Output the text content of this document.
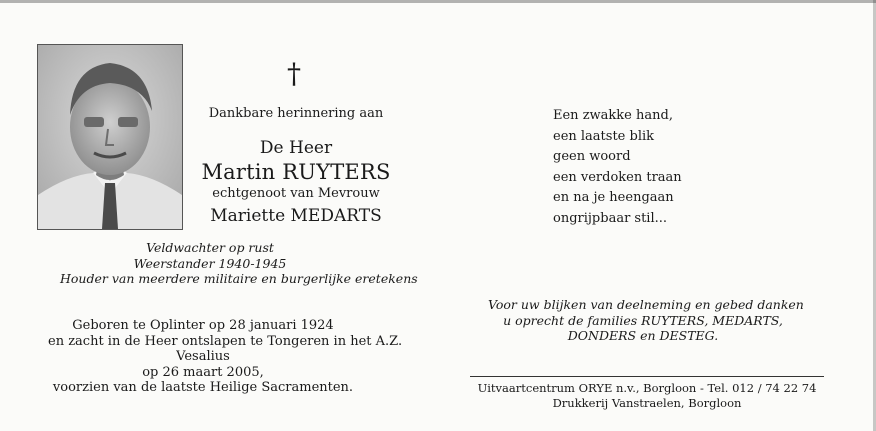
†
Dankbare herinnering aan
De Heer
Martin RUYTERS
echtgenoot van Mevrouw
Mariette MEDARTS
Veldwachter op rust
Weerstander 1940-1945
Houder van meerdere militaire en burgerlijke eretekens
Geboren te Oplinter op 28 januari 1924
en zacht in de Heer ontslapen te Tongeren in het A.Z.
Vesalius
op 26 maart 2005,
voorzien van de laatste Heilige Sacramenten.
Een zwakke hand,
een laatste blik
geen woord
een verdoken traan
en na je heengaan
ongrijpbaar stil...
Voor uw blijken van deelneming en gebed danken
u oprecht de families RUYTERS, MEDARTS,
DONDERS en DESTEG.
Uitvaartcentrum ORYE n.v., Borgloon - Tel. 012 / 74 22 74
Drukkerij Vanstraelen, Borgloon
